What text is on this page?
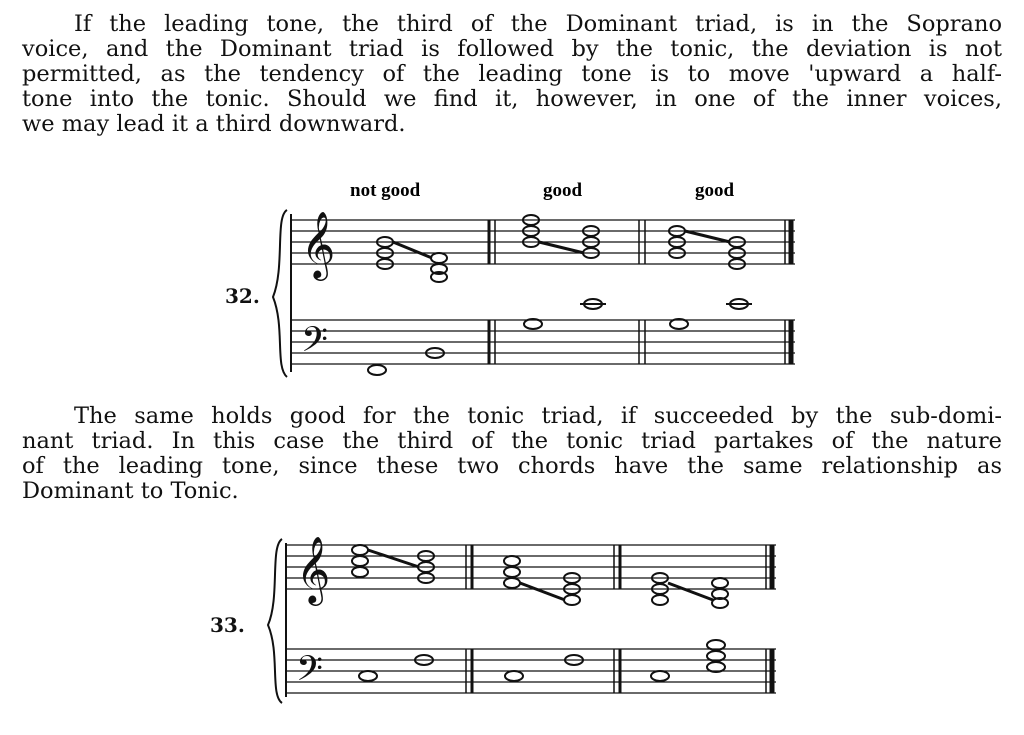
If the leading tone, the third of the Dominant triad, is in the Soprano
voice, and the Dominant triad is followed by the tonic, the deviation is not
permitted, as the tendency of the leading tone is to move 'upward a half-
tone into the tonic. Should we find it, however, in one of the inner voices,
we may lead it a third downward.
not good	good	good
𝄞
𝄢
32.
The same holds good for the tonic triad, if succeeded by the sub-domi-
nant triad. In this case the third of the tonic triad partakes of the nature
of the leading tone, since these two chords have the same relationship as
Dominant to Tonic.
𝄞
𝄢
33.
